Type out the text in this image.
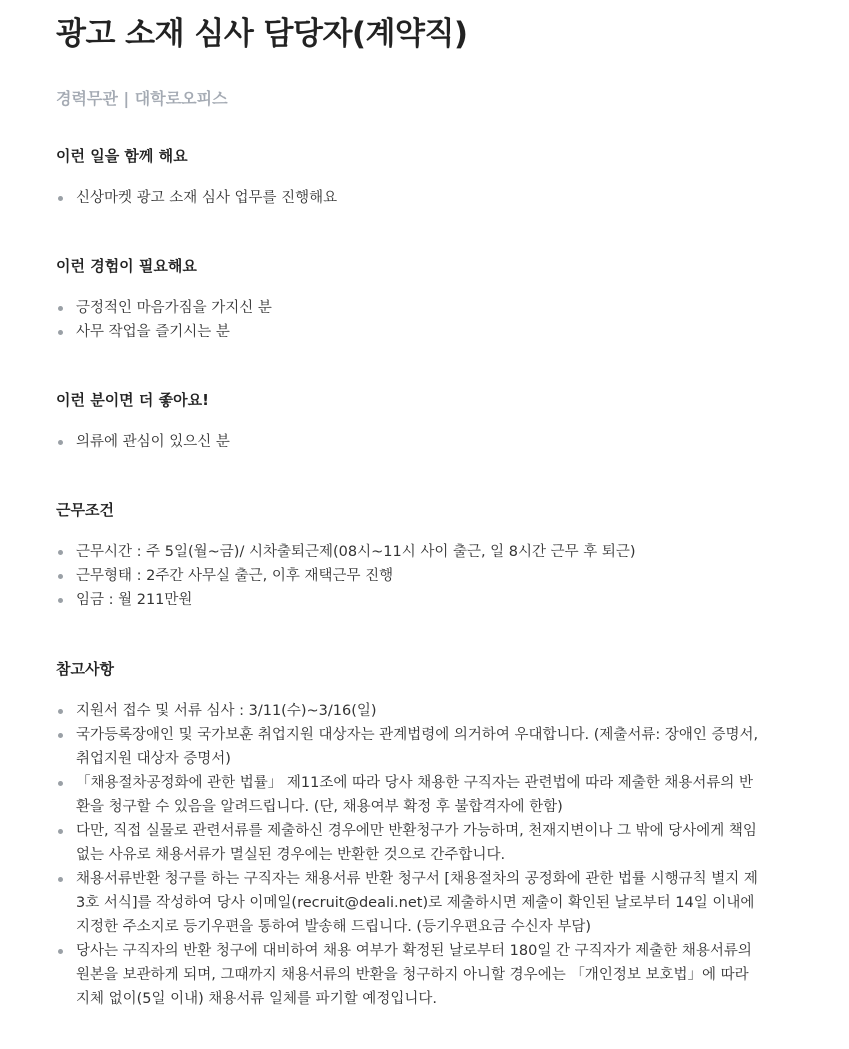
광고 소재 심사 담당자(계약직)
경력무관 | 대학로오피스
이런 일을 함께 해요
신상마켓 광고 소재 심사 업무를 진행해요
이런 경험이 필요해요
긍정적인 마음가짐을 가지신 분
사무 작업을 즐기시는 분
이런 분이면 더 좋아요!
의류에 관심이 있으신 분
근무조건
근무시간 : 주 5일(월~금)/ 시차출퇴근제(08시~11시 사이 출근, 일 8시간 근무 후 퇴근)
근무형태 : 2주간 사무실 출근, 이후 재택근무 진행
임금 : 월 211만원
참고사항
지원서 접수 및 서류 심사 : 3/11(수)~3/16(일)
국가등록장애인 및 국가보훈 취업지원 대상자는 관계법령에 의거하여 우대합니다. (제출서류: 장애인 증명서, 취업지원 대상자 증명서)
「채용절차공정화에 관한 법률」 제11조에 따라 당사 채용한 구직자는 관련법에 따라 제출한 채용서류의 반환을 청구할 수 있음을 알려드립니다. (단, 채용여부 확정 후 불합격자에 한함)
다만, 직접 실물로 관련서류를 제출하신 경우에만 반환청구가 가능하며, 천재지변이나 그 밖에 당사에게 책임없는 사유로 채용서류가 멸실된 경우에는 반환한 것으로 간주합니다.
채용서류반환 청구를 하는 구직자는 채용서류 반환 청구서 [채용절차의 공정화에 관한 법률 시행규칙 별지 제3호 서식]를 작성하여 당사 이메일(recruit@deali.net)로 제출하시면 제출이 확인된 날로부터 14일 이내에 지정한 주소지로 등기우편을 통하여 발송해 드립니다. (등기우편요금 수신자 부담)
당사는 구직자의 반환 청구에 대비하여 채용 여부가 확정된 날로부터 180일 간 구직자가 제출한 채용서류의 원본을 보관하게 되며, 그때까지 채용서류의 반환을 청구하지 아니할 경우에는 「개인정보 보호법」에 따라 지체 없이(5일 이내) 채용서류 일체를 파기할 예정입니다.
